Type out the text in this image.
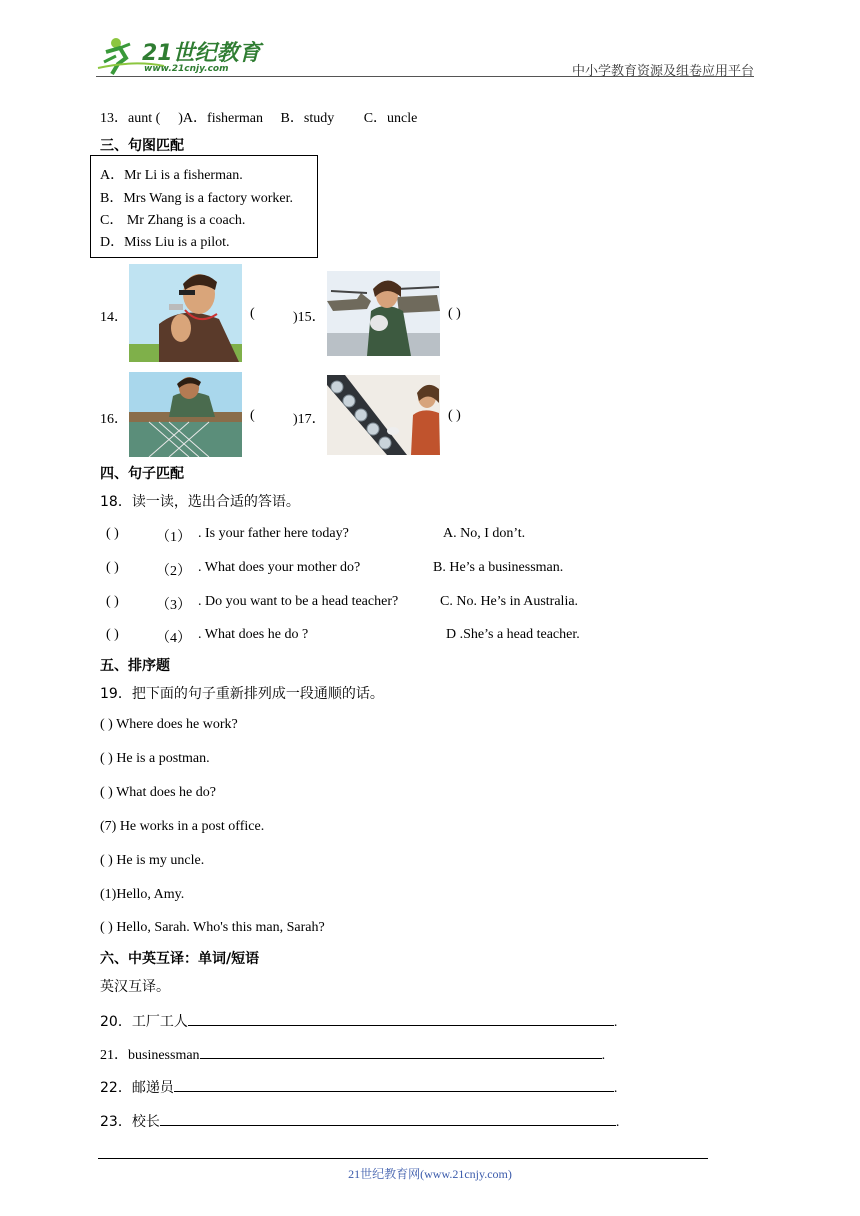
21世纪教育
www.21cnjy.com	中小学教育资源及组卷应用平台
13．aunt ( )A．fisherman B．study C．uncle
三、句图匹配
A．Mr Li is a fisherman.
B．Mrs Wang is a factory worker.
C． Mr Zhang is a coach.
D．Miss Liu is a pilot.
14．	(	)15．	( )
16．	(	)17．	( )
四、句子匹配
18．读一读，选出合适的答语。
( )	（1） . Is your father here today?	A. No, I don’t.
( )	（2） . What does your mother do?	B. He’s a businessman.
( )	（3） . Do you want to be a head teacher?	C. No. He’s in Australia.
( )	（4） . What does he do ?	D .She’s a head teacher.
五、排序题
19．把下面的句子重新排列成一段通顺的话。
( ) Where does he work?
( ) He is a postman.
( ) What does he do?
(7) He works in a post office.
( ) He is my uncle.
(1)Hello, Amy.
( ) Hello, Sarah. Who's this man, Sarah?
六、中英互译：单词/短语
英汉互译。
20．工厂工人	.
21．businessman	.
22．邮递员	.
23．校长	.
21世纪教育网(www.21cnjy.com)
